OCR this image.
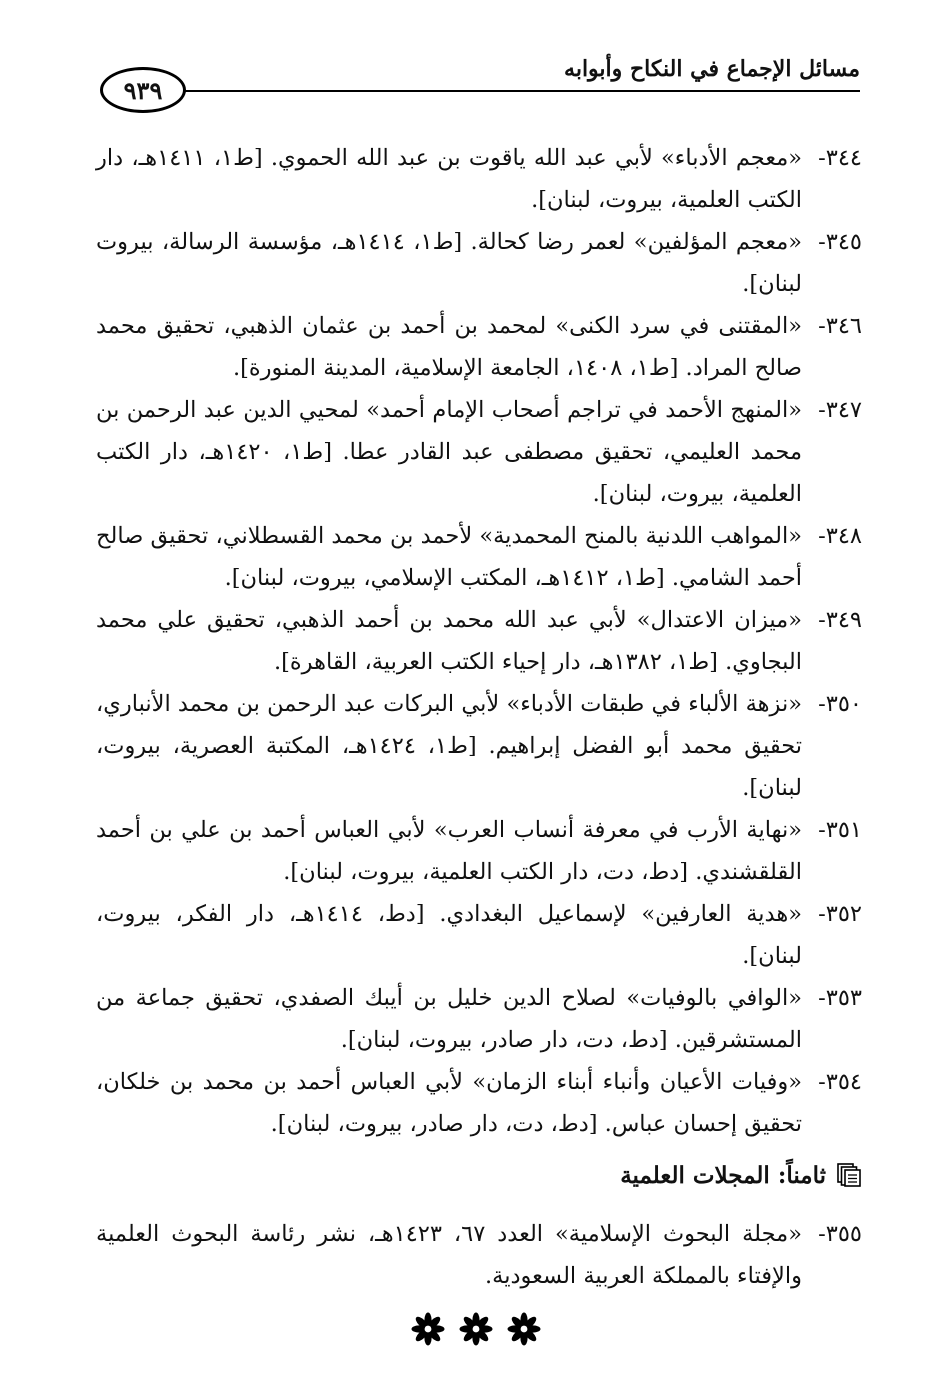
مسائل الإجماع في النكاح وأبوابه
٩٣٩
٣٤٤-
«معجم الأدباء» لأبي عبد الله ياقوت بن عبد الله الحموي. [ط١، ١٤١١هـ، دار الكتب العلمية، بيروت، لبنان].
٣٤٥-
«معجم المؤلفين» لعمر رضا كحالة. [ط١، ١٤١٤هـ، مؤسسة الرسالة، بيروت لبنان].
٣٤٦-
«المقتنى في سرد الكنى» لمحمد بن أحمد بن عثمان الذهبي، تحقيق محمد صالح المراد. [ط١، ١٤٠٨، الجامعة الإسلامية، المدينة المنورة].
٣٤٧-
«المنهج الأحمد في تراجم أصحاب الإمام أحمد» لمحيي الدين عبد الرحمن بن محمد العليمي، تحقيق مصطفى عبد القادر عطا. [ط١، ١٤٢٠هـ، دار الكتب العلمية، بيروت، لبنان].
٣٤٨-
«المواهب اللدنية بالمنح المحمدية» لأحمد بن محمد القسطلاني، تحقيق صالح أحمد الشامي. [ط١، ١٤١٢هـ، المكتب الإسلامي، بيروت، لبنان].
٣٤٩-
«ميزان الاعتدال» لأبي عبد الله محمد بن أحمد الذهبي، تحقيق علي محمد البجاوي. [ط١، ١٣٨٢هـ، دار إحياء الكتب العربية، القاهرة].
٣٥٠-
«نزهة الألباء في طبقات الأدباء» لأبي البركات عبد الرحمن بن محمد الأنباري، تحقيق محمد أبو الفضل إبراهيم. [ط١، ١٤٢٤هـ، المكتبة العصرية، بيروت، لبنان].
٣٥١-
«نهاية الأرب في معرفة أنساب العرب» لأبي العباس أحمد بن علي بن أحمد القلقشندي. [دط، دت، دار الكتب العلمية، بيروت، لبنان].
٣٥٢-
«هدية العارفين» لإسماعيل البغدادي. [دط، ١٤١٤هـ، دار الفكر، بيروت، لبنان].
٣٥٣-
«الوافي بالوفيات» لصلاح الدين خليل بن أيبك الصفدي، تحقيق جماعة من المستشرقين. [دط، دت، دار صادر، بيروت، لبنان].
٣٥٤-
«وفيات الأعيان وأنباء أبناء الزمان» لأبي العباس أحمد بن محمد بن خلكان، تحقيق إحسان عباس. [دط، دت، دار صادر، بيروت، لبنان].
ثامناً: المجلات العلمية
٣٥٥-
«مجلة البحوث الإسلامية» العدد ٦٧، ١٤٢٣هـ، نشر رئاسة البحوث العلمية والإفتاء بالمملكة العربية السعودية.
